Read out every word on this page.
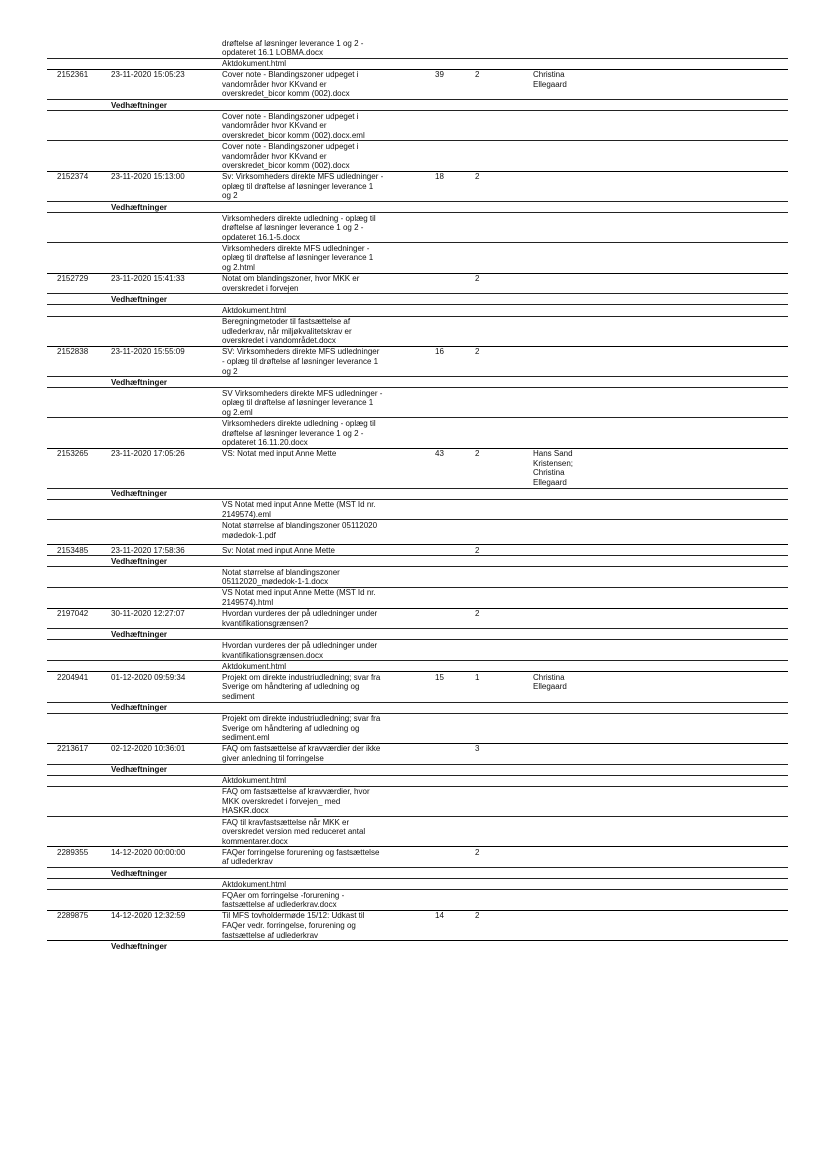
		drøftelse af løsninger leverance 1 og 2 -
opdateret 16.1 LOBMA.docx			

		Aktdokument.html			

2152361	23-11-2020 15:05:23	Cover note - Blandingszoner udpeget i
vandområder hvor KKvand er
overskredet_bicor komm (002).docx	39	2	Christina
Ellegaard

	Vedhæftninger				

		Cover note - Blandingszoner udpeget i
vandområder hvor KKvand er
overskredet_bicor komm (002).docx.eml			

		Cover note - Blandingszoner udpeget i
vandområder hvor KKvand er
overskredet_bicor komm (002).docx			

2152374	23-11-2020 15:13:00	Sv: Virksomheders direkte MFS udledninger -
oplæg til drøftelse af løsninger leverance 1
og 2	18	2	

	Vedhæftninger				

		Virksomheders direkte udledning - oplæg til
drøftelse af løsninger leverance 1 og 2 -
opdateret 16.1-5.docx			

		Virksomheders direkte MFS udledninger -
oplæg til drøftelse af løsninger leverance 1
og 2.html			

2152729	23-11-2020 15:41:33	Notat om blandingszoner, hvor MKK er
overskredet i forvejen		2	

	Vedhæftninger				

		Aktdokument.html			

		Beregningmetoder til fastsættelse af
udlederkrav, når miljøkvalitetskrav er
overskredet i vandområdet.docx			

2152838	23-11-2020 15:55:09	SV: Virksomheders direkte MFS udledninger
- oplæg til drøftelse af løsninger leverance 1
og 2	16	2	

	Vedhæftninger				

		SV Virksomheders direkte MFS udledninger -
oplæg til drøftelse af løsninger leverance 1
og 2.eml			

		Virksomheders direkte udledning - oplæg til
drøftelse af løsninger leverance 1 og 2 -
opdateret 16.11.20.docx			

2153265	23-11-2020 17:05:26	VS: Notat med input Anne Mette	43	2	Hans Sand
Kristensen;
Christina
Ellegaard

	Vedhæftninger				

		VS Notat med input Anne Mette (MST Id nr.
2149574).eml			

		Notat størrelse af blandingszoner 05112020
mødedok-1.pdf			

2153485	23-11-2020 17:58:36	Sv: Notat med input Anne Mette		2	

	Vedhæftninger				

		Notat størrelse af blandingszoner
05112020_mødedok-1-1.docx			

		VS Notat med input Anne Mette (MST Id nr.
2149574).html			

2197042	30-11-2020 12:27:07	Hvordan vurderes der på udledninger under
kvantifikationsgrænsen?		2	

	Vedhæftninger				

		Hvordan vurderes der på udledninger under
kvantifikationsgrænsen.docx			

		Aktdokument.html			

2204941	01-12-2020 09:59:34	Projekt om direkte industriudledning; svar fra
Sverige om håndtering af udledning og
sediment	15	1	Christina
Ellegaard

	Vedhæftninger				

		Projekt om direkte industriudledning; svar fra
Sverige om håndtering af udledning og
sediment.eml			

2213617	02-12-2020 10:36:01	FAQ om fastsættelse af kravværdier der ikke
giver anledning til forringelse		3	

	Vedhæftninger				

		Aktdokument.html			

		FAQ om fastsættelse af kravværdier, hvor
MKK overskredet i forvejen_ med
HASKR.docx			

		FAQ til kravfastsættelse når MKK er
overskredet version med reduceret antal
kommentarer.docx			

2289355	14-12-2020 00:00:00	FAQer forringelse forurening og fastsættelse
af udlederkrav		2	

	Vedhæftninger				

		Aktdokument.html			

		FQAer om forringelse -forurening -
fastsættelse af udlederkrav.docx			

2289875	14-12-2020 12:32:59	Til MFS tovholdermøde 15/12: Udkast til
FAQer vedr. forringelse, forurening og
fastsættelse af udlederkrav	14	2	

	Vedhæftninger				
